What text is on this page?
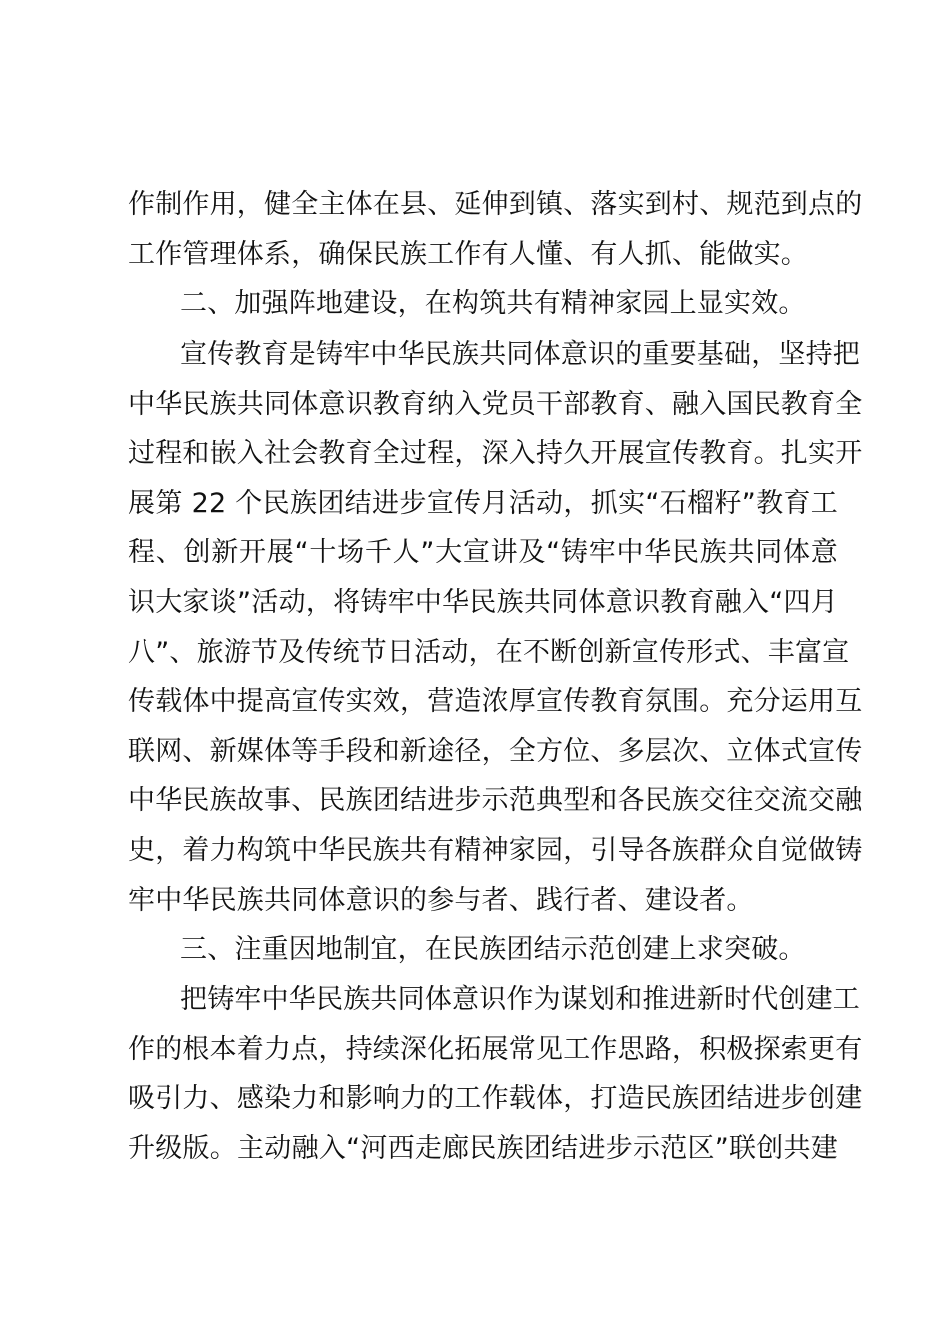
作制作用，健全主体在县、延伸到镇、落实到村、规范到点的
工作管理体系，确保民族工作有人懂、有人抓、能做实。
二、加强阵地建设，在构筑共有精神家园上显实效。
宣传教育是铸牢中华民族共同体意识的重要基础，坚持把
中华民族共同体意识教育纳入党员干部教育、融入国民教育全
过程和嵌入社会教育全过程，深入持久开展宣传教育。扎实开
展第 22 个民族团结进步宣传月活动，抓实“石榴籽”教育工
程、创新开展“十场千人”大宣讲及“铸牢中华民族共同体意
识大家谈”活动，将铸牢中华民族共同体意识教育融入“四月
八”、旅游节及传统节日活动，在不断创新宣传形式、丰富宣
传载体中提高宣传实效，营造浓厚宣传教育氛围。充分运用互
联网、新媒体等手段和新途径，全方位、多层次、立体式宣传
中华民族故事、民族团结进步示范典型和各民族交往交流交融
史，着力构筑中华民族共有精神家园，引导各族群众自觉做铸
牢中华民族共同体意识的参与者、践行者、建设者。
三、注重因地制宜，在民族团结示范创建上求突破。
把铸牢中华民族共同体意识作为谋划和推进新时代创建工
作的根本着力点，持续深化拓展常见工作思路，积极探索更有
吸引力、感染力和影响力的工作载体，打造民族团结进步创建
升级版。主动融入“河西走廊民族团结进步示范区”联创共建
